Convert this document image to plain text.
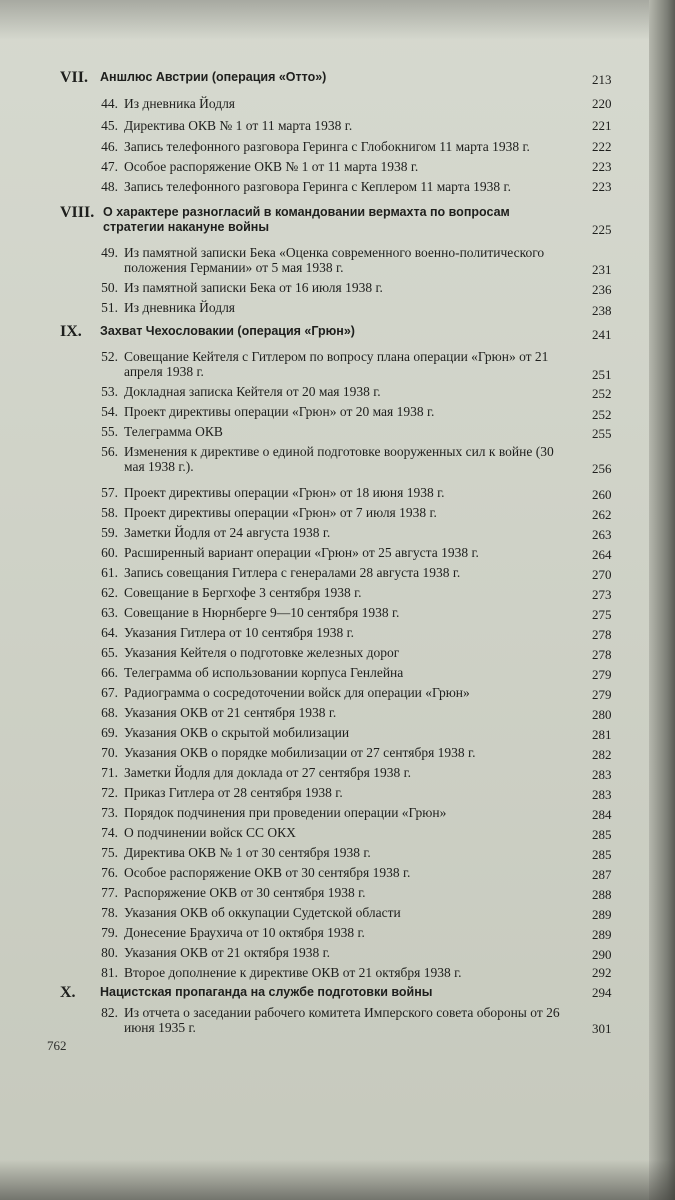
VII. Аншлюс Австрии (операция «Отто»)	213
44. Из дневника Йодля	220
45. Директива ОКВ № 1 от 11 марта 1938 г.	221
46. Запись телефонного разговора Геринга с Глобокнигом 11 марта 1938 г.	222
47. Особое распоряжение ОКВ № 1 от 11 марта 1938 г.	223
48. Запись телефонного разговора Геринга с Кеплером 11 марта 1938 г.	223
VIII. О характере разногласий в командовании вермахта по вопросам стратегии накануне войны	225
49. Из памятной записки Бека «Оценка современного военно-политического положения Германии» от 5 мая 1938 г.	231
50. Из памятной записки Бека от 16 июля 1938 г.	236
51. Из дневника Йодля	238
IX. Захват Чехословакии (операция «Грюн»)	241
52. Совещание Кейтеля с Гитлером по вопросу плана операции «Грюн» от 21 апреля 1938 г.	251
53. Докладная записка Кейтеля от 20 мая 1938 г.	252
54. Проект директивы операции «Грюн» от 20 мая 1938 г.	252
55. Телеграмма ОКВ	255
56. Изменения к директиве о единой подготовке вооруженных сил к войне (30 мая 1938 г.).	256
57. Проект директивы операции «Грюн» от 18 июня 1938 г.	260
58. Проект директивы операции «Грюн» от 7 июля 1938 г.	262
59. Заметки Йодля от 24 августа 1938 г.	263
60. Расширенный вариант операции «Грюн» от 25 августа 1938 г.	264
61. Запись совещания Гитлера с генералами 28 августа 1938 г.	270
62. Совещание в Бергхофе 3 сентября 1938 г.	273
63. Совещание в Нюрнберге 9—10 сентября 1938 г.	275
64. Указания Гитлера от 10 сентября 1938 г.	278
65. Указания Кейтеля о подготовке железных дорог	278
66. Телеграмма об использовании корпуса Генлейна	279
67. Радиограмма о сосредоточении войск для операции «Грюн»	279
68. Указания ОКВ от 21 сентября 1938 г.	280
69. Указания ОКВ о скрытой мобилизации	281
70. Указания ОКВ о порядке мобилизации от 27 сентября 1938 г.	282
71. Заметки Йодля для доклада от 27 сентября 1938 г.	283
72. Приказ Гитлера от 28 сентября 1938 г.	283
73. Порядок подчинения при проведении операции «Грюн»	284
74. О подчинении войск СС ОКХ	285
75. Директива ОКВ № 1 от 30 сентября 1938 г.	285
76. Особое распоряжение ОКВ от 30 сентября 1938 г.	287
77. Распоряжение ОКВ от 30 сентября 1938 г.	288
78. Указания ОКВ об оккупации Судетской области	289
79. Донесение Браухича от 10 октября 1938 г.	289
80. Указания ОКВ от 21 октября 1938 г.	290
81. Второе дополнение к директиве ОКВ от 21 октября 1938 г.	292
X. Нацистская пропаганда на службе подготовки войны	294
82. Из отчета о заседании рабочего комитета Имперского совета обороны от 26 июня 1935 г.	301
762
